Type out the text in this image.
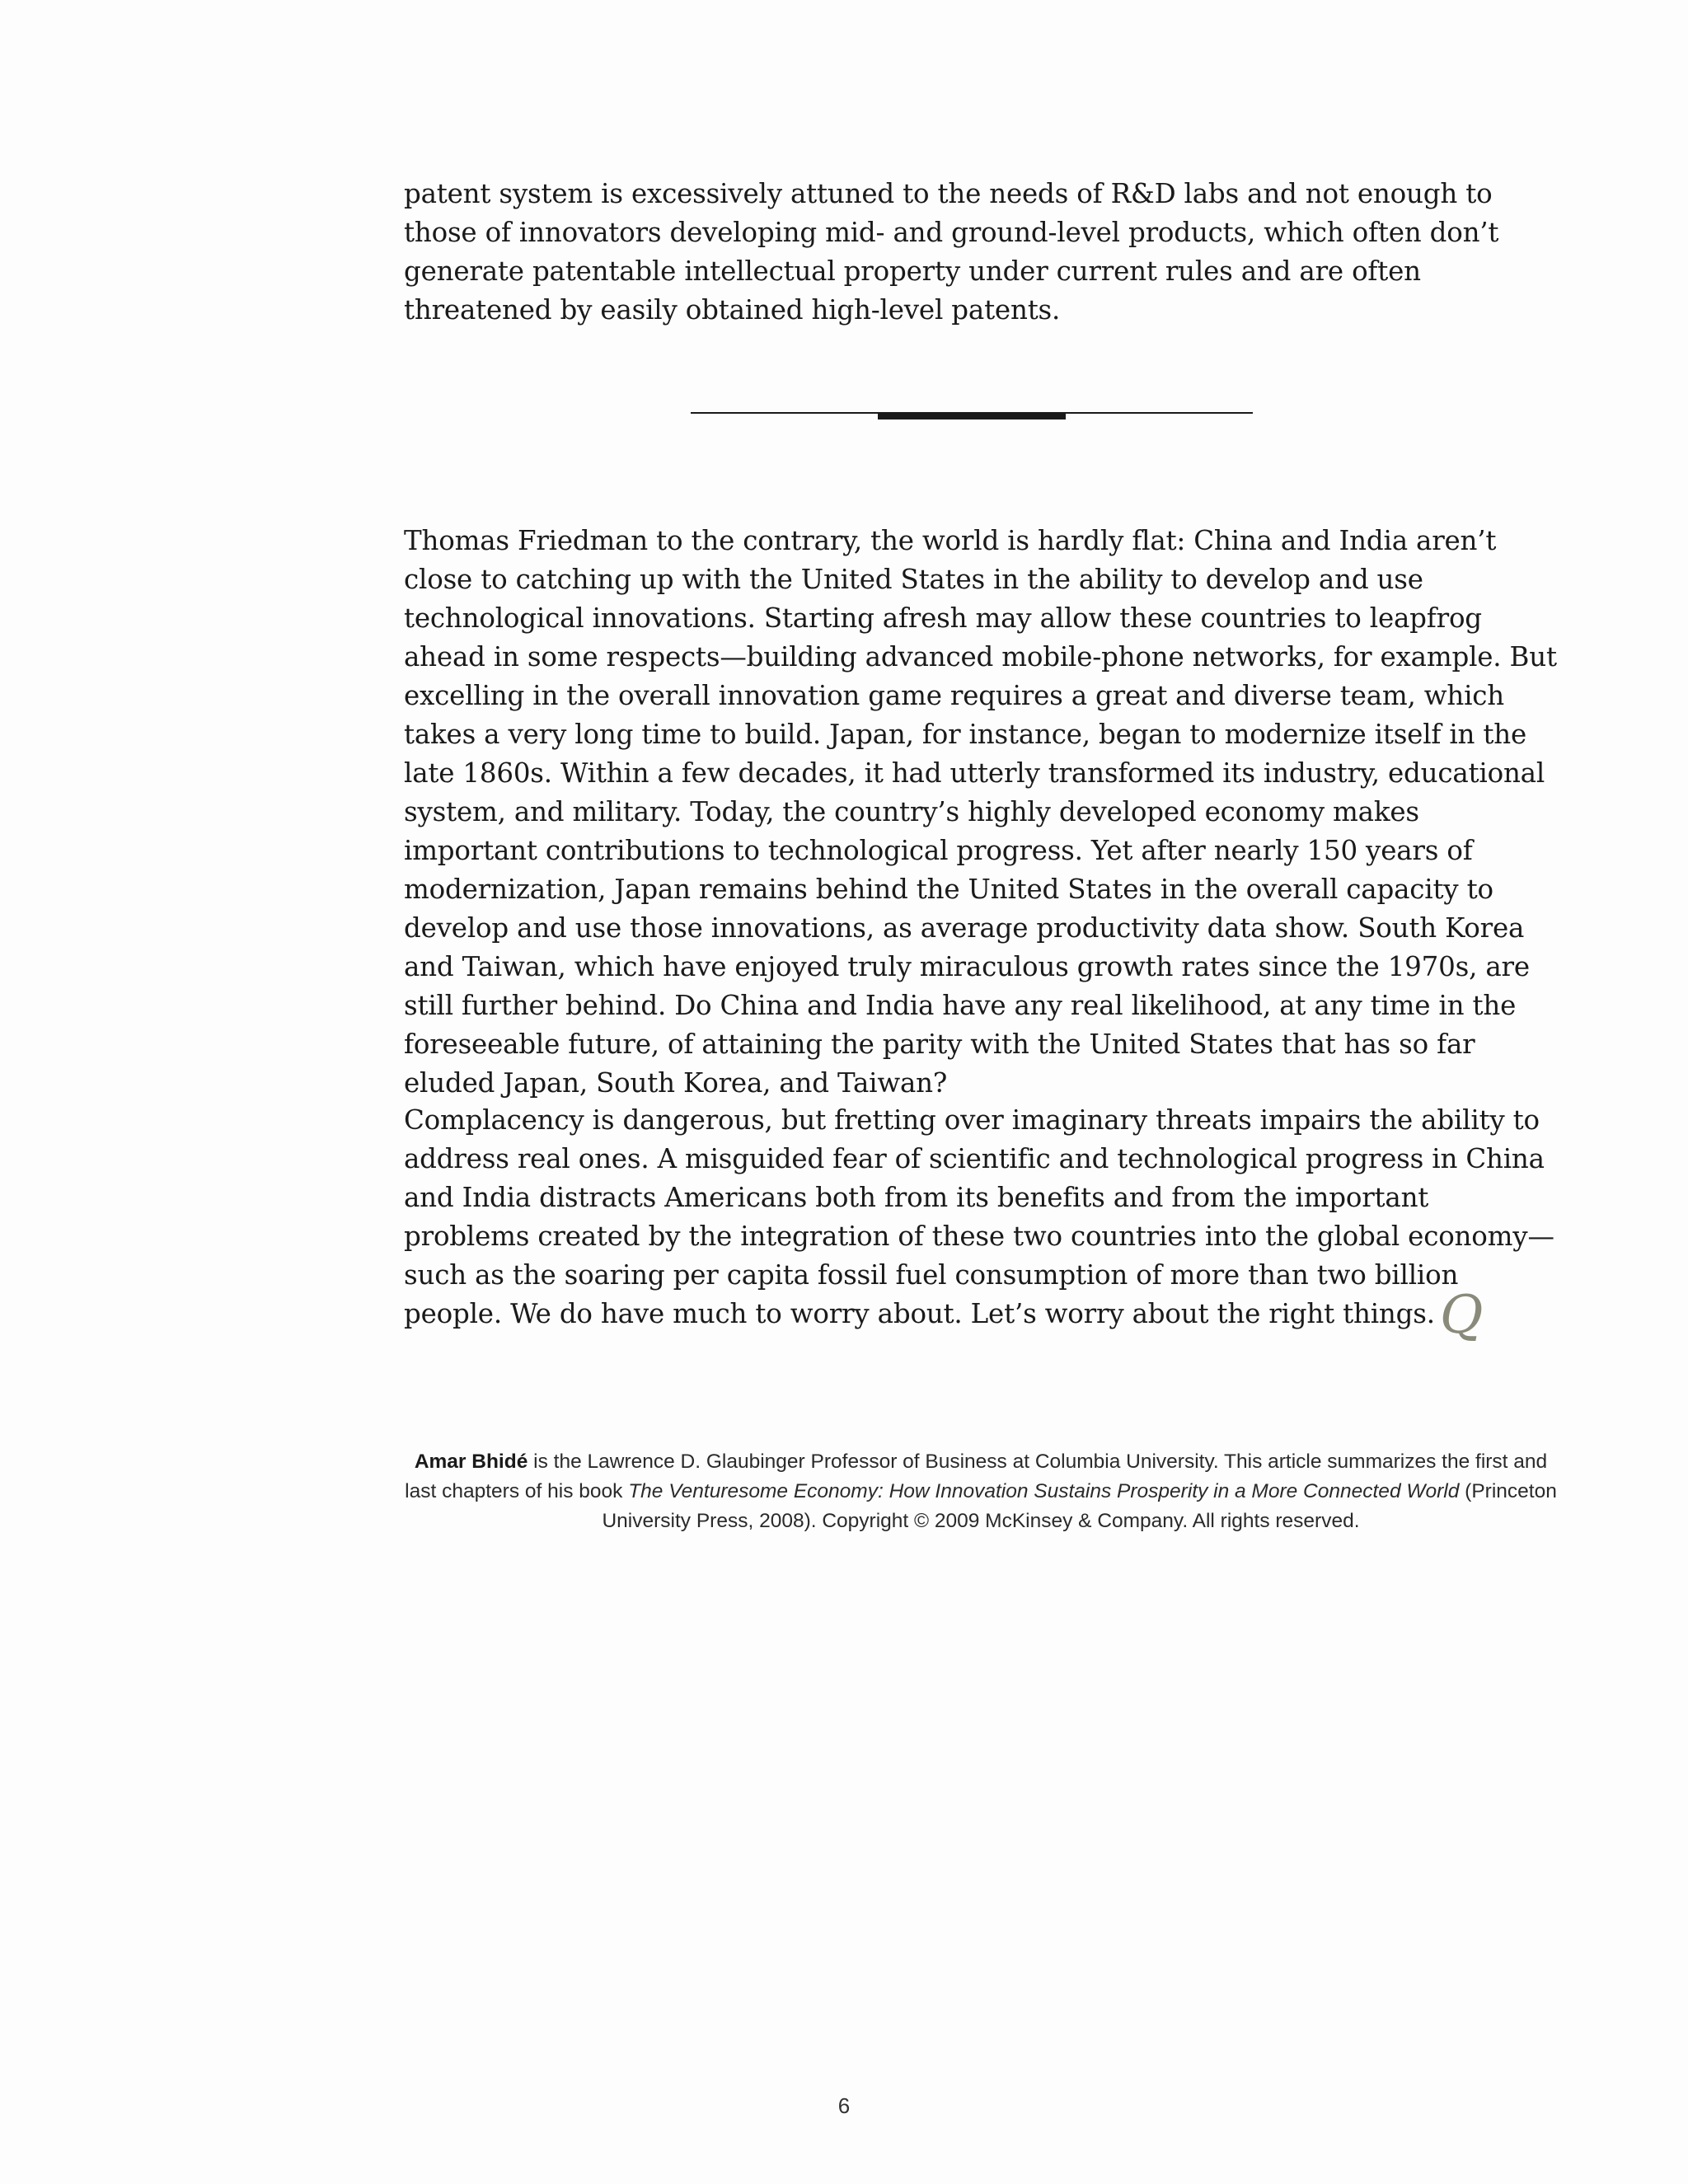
patent system is excessively attuned to the needs of R&D labs and not enough to those of innovators developing mid- and ground-level products, which often don’t generate patentable intellectual property under current rules and are often threatened by easily obtained high-level patents.

Thomas Friedman to the contrary, the world is hardly flat: China and India aren’t close to catching up with the United States in the ability to develop and use technological innovations. Starting afresh may allow these countries to leapfrog ahead in some respects—building advanced mobile-phone networks, for example. But excelling in the overall innovation game requires a great and diverse team, which takes a very long time to build. Japan, for instance, began to modernize itself in the late 1860s. Within a few decades, it had utterly transformed its industry, educational system, and military. Today, the country’s highly developed economy makes important contributions to technological progress. Yet after nearly 150 years of modernization, Japan remains behind the United States in the overall capacity to develop and use those innovations, as average productivity data show. South Korea and Taiwan, which have enjoyed truly miraculous growth rates since the 1970s, are still further behind. Do China and India have any real likelihood, at any time in the foreseeable future, of attaining the parity with the United States that has so far eluded Japan, South Korea, and Taiwan?

Complacency is dangerous, but fretting over imaginary threats impairs the ability to address real ones. A misguided fear of scientific and technological progress in China and India distracts Americans both from its benefits and from the important problems created by the integration of these two countries into the global economy—such as the soaring per capita fossil fuel consumption of more than two billion people. We do have much to worry about. Let’s worry about the right things.Q

Amar Bhidé is the Lawrence D. Glaubinger Professor of Business at Columbia University. This article summarizes the first and last chapters of his book The Venturesome Economy: How Innovation Sustains Prosperity in a More Connected World (Princeton University Press, 2008). Copyright © 2009 McKinsey & Company. All rights reserved.

6
